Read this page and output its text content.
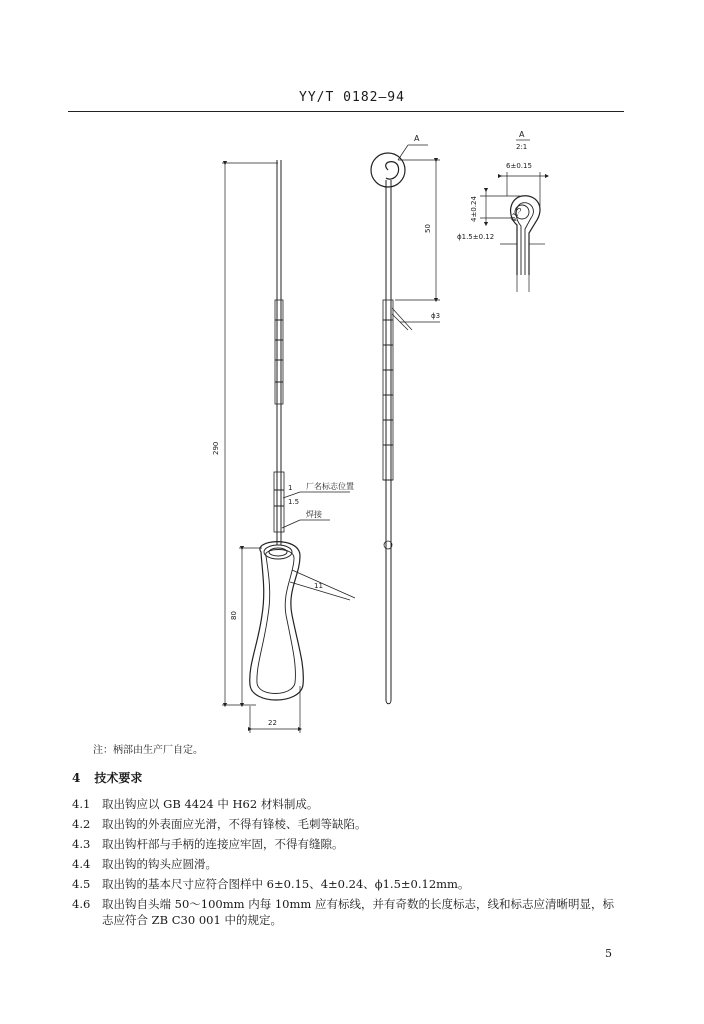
YY/T 0182—94
290
80
22
11
1
1.5
厂名标志位置
焊接
A
50
ϕ3
A
2:1
6±0.15
4±0.24
ϕ1.5±0.12
ϕ1.5
注：柄部由生产厂自定。
4 技术要求
4.1 取出钩应以 GB 4424 中 H62 材料制成。
4.2 取出钩的外表面应光滑，不得有锋棱、毛刺等缺陷。
4.3 取出钩杆部与手柄的连接应牢固，不得有缝隙。
4.4 取出钩的钩头应圆滑。
4.5 取出钩的基本尺寸应符合图样中 6±0.15、4±0.24、ϕ1.5±0.12mm。
4.6 取出钩自头端 50～100mm 内每 10mm 应有标线，并有奇数的长度标志，线和标志应清晰明显，标
志应符合 ZB C30 001 中的规定。
5
